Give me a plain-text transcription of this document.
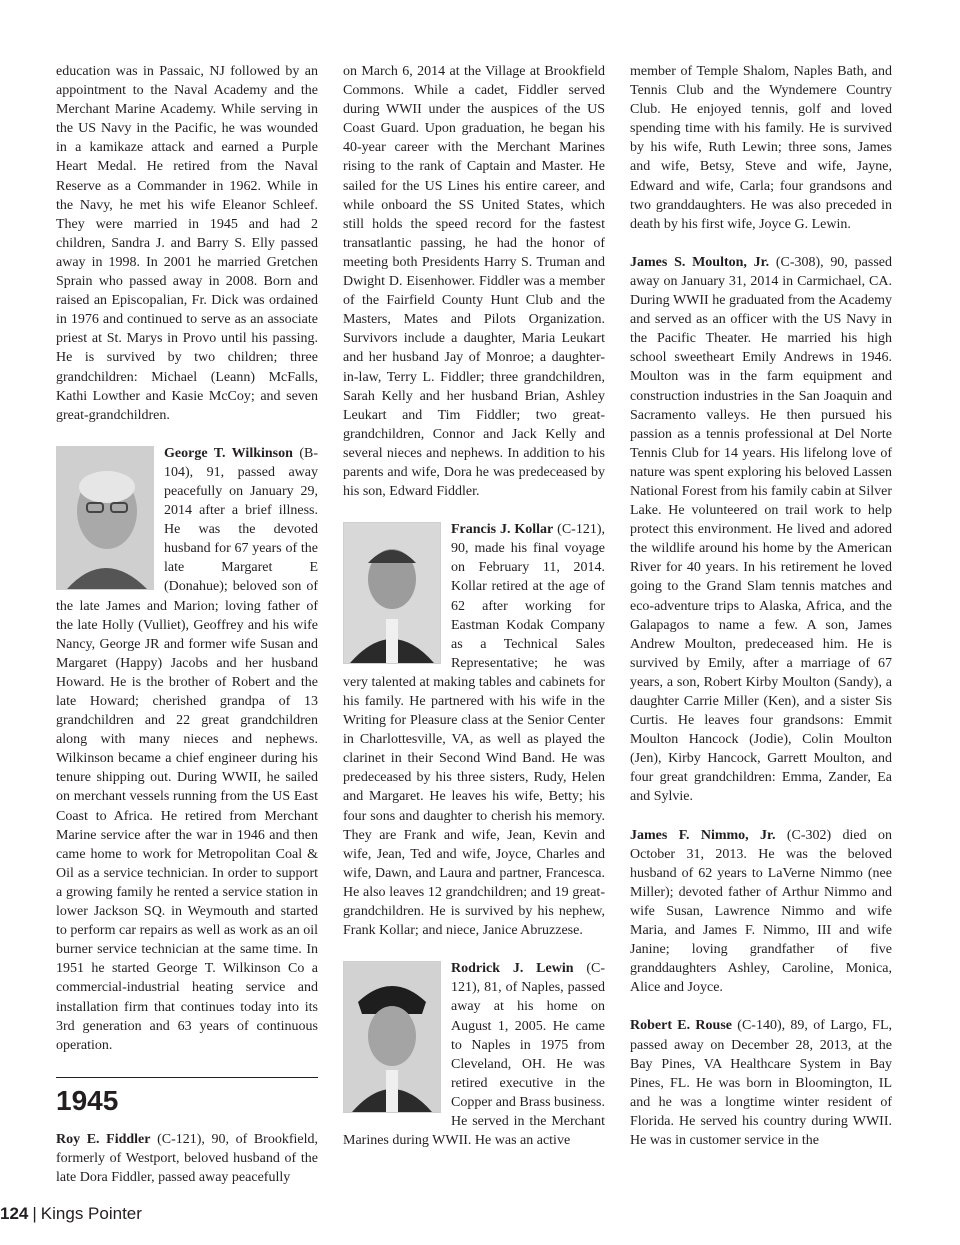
education was in Passaic, NJ followed by an appointment to the Naval Academy and the Merchant Marine Academy. While serving in the US Navy in the Pacific, he was wounded in a kamikaze attack and earned a Purple Heart Medal. He retired from the Naval Reserve as a Commander in 1962. While in the Navy, he met his wife Eleanor Schleef. They were married in 1945 and had 2 children, Sandra J. and Barry S. Elly passed away in 1998. In 2001 he married Gretchen Sprain who passed away in 2008. Born and raised an Episcopalian, Fr. Dick was ordained in 1976 and continued to serve as an associate priest at St. Marys in Provo until his passing. He is survived by two children; three grandchildren: Michael (Leann) McFalls, Kathi Lowther and Kasie McCoy; and seven great-grandchildren.

George T. Wilkinson (B-104), 91, passed away peacefully on January 29, 2014 after a brief illness. He was the devoted husband for 67 years of the late Margaret E (Donahue); beloved son of the late James and Marion; loving father of the late Holly (Vulliet), Geoffrey and his wife Nancy, George JR and former wife Susan and Margaret (Happy) Jacobs and her husband Howard. He is the brother of Robert and the late Howard; cherished grandpa of 13 grandchildren and 22 great grandchildren along with many nieces and nephews. Wilkinson became a chief engineer during his tenure shipping out. During WWII, he sailed on merchant vessels running from the US East Coast to Africa. He retired from Merchant Marine service after the war in 1946 and then came home to work for Metropolitan Coal & Oil as a service technician. In order to support a growing family he rented a service station in lower Jackson SQ. in Weymouth and started to perform car repairs as well as work as an oil burner service technician at the same time. In 1951 he started George T. Wilkinson Co a commercial-industrial heating service and installation firm that continues today into its 3rd generation and 63 years of continuous operation.

1945

Roy E. Fiddler (C-121), 90, of Brookfield, formerly of Westport, beloved husband of the late Dora Fiddler, passed away peacefully

on March 6, 2014 at the Village at Brookfield Commons. While a cadet, Fiddler served during WWII under the auspices of the US Coast Guard. Upon graduation, he began his 40-year career with the Merchant Marines rising to the rank of Captain and Master. He sailed for the US Lines his entire career, and while onboard the SS United States, which still holds the speed record for the fastest transatlantic passing, he had the honor of meeting both Presidents Harry S. Truman and Dwight D. Eisenhower. Fiddler was a member of the Fairfield County Hunt Club and the Masters, Mates and Pilots Organization. Survivors include a daughter, Maria Leukart and her husband Jay of Monroe; a daughter-in-law, Terry L. Fiddler; three grandchildren, Sarah Kelly and her husband Brian, Ashley Leukart and Tim Fiddler; two great-grandchildren, Connor and Jack Kelly and several nieces and nephews. In addition to his parents and wife, Dora he was predeceased by his son, Edward Fiddler.

Francis J. Kollar (C-121), 90, made his final voyage on February 11, 2014. Kollar retired at the age of 62 after working for Eastman Kodak Company as a Technical Sales Representative; he was very talented at making tables and cabinets for his family. He partnered with his wife in the Writing for Pleasure class at the Senior Center in Charlottesville, VA, as well as played the clarinet in their Second Wind Band. He was predeceased by his three sisters, Rudy, Helen and Margaret. He leaves his wife, Betty; his four sons and daughter to cherish his memory. They are Frank and wife, Jean, Kevin and wife, Jean, Ted and wife, Joyce, Charles and wife, Dawn, and Laura and partner, Francesca. He also leaves 12 grandchildren; and 19 great-grandchildren. He is survived by his nephew, Frank Kollar; and niece, Janice Abruzzese.

Rodrick J. Lewin (C-121), 81, of Naples, passed away at his home on August 1, 2005. He came to Naples in 1975 from Cleveland, OH. He was retired executive in the Copper and Brass business. He served in the Merchant Marines during WWII. He was an active

member of Temple Shalom, Naples Bath, and Tennis Club and the Wyndemere Country Club. He enjoyed tennis, golf and loved spending time with his family. He is survived by his wife, Ruth Lewin; three sons, James and wife, Betsy, Steve and wife, Jayne, Edward and wife, Carla; four grandsons and two granddaughters. He was also preceded in death by his first wife, Joyce G. Lewin.

James S. Moulton, Jr. (C-308), 90, passed away on January 31, 2014 in Carmichael, CA. During WWII he graduated from the Academy and served as an officer with the US Navy in the Pacific Theater. He married his high school sweetheart Emily Andrews in 1946. Moulton was in the farm equipment and construction industries in the San Joaquin and Sacramento valleys. He then pursued his passion as a tennis professional at Del Norte Tennis Club for 14 years. His lifelong love of nature was spent exploring his beloved Lassen National Forest from his family cabin at Silver Lake. He volunteered on trail work to help protect this environment. He lived and adored the wildlife around his home by the American River for 40 years. In his retirement he loved going to the Grand Slam tennis matches and eco-adventure trips to Alaska, Africa, and the Galapagos to name a few. A son, James Andrew Moulton, predeceased him. He is survived by Emily, after a marriage of 67 years, a son, Robert Kirby Moulton (Sandy), a daughter Carrie Miller (Ken), and a sister Sis Curtis. He leaves four grandsons: Emmit Moulton Hancock (Jodie), Colin Moulton (Jen), Kirby Hancock, Garrett Moulton, and four great grandchildren: Emma, Zander, Ea and Sylvie.

James F. Nimmo, Jr. (C-302) died on October 31, 2013. He was the beloved husband of 62 years to LaVerne Nimmo (nee Miller); devoted father of Arthur Nimmo and wife Susan, Lawrence Nimmo and wife Maria, and James F. Nimmo, III and wife Janine; loving grandfather of five granddaughters Ashley, Caroline, Monica, Alice and Joyce.

Robert E. Rouse (C-140), 89, of Largo, FL, passed away on December 28, 2013, at the Bay Pines, VA Healthcare System in Bay Pines, FL. He was born in Bloomington, IL and he was a longtime winter resident of Florida. He served his country during WWII. He was in customer service in the

124 | Kings Pointer
